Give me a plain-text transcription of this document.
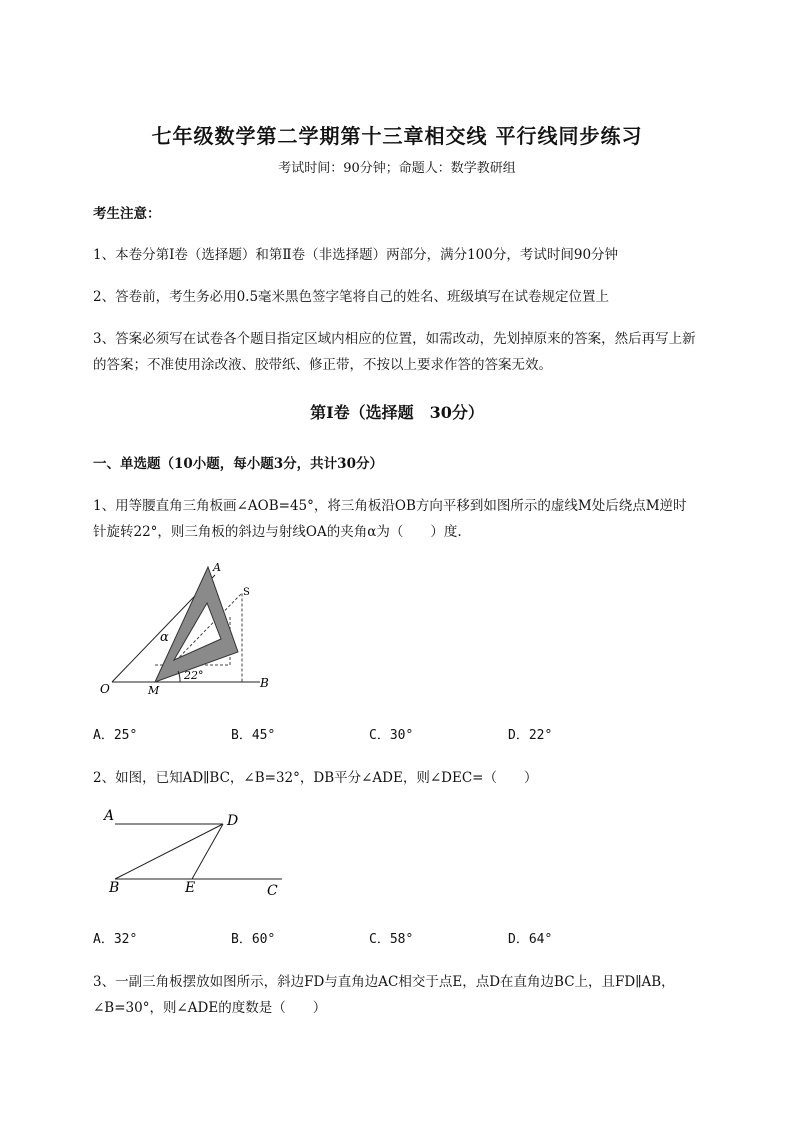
七年级数学第二学期第十三章相交线 平行线同步练习
考试时间：90分钟；命题人：数学教研组
考生注意：
1、本卷分第Ⅰ卷（选择题）和第Ⅱ卷（非选择题）两部分，满分100分，考试时间90分钟
2、答卷前，考生务必用0.5毫米黑色签字笔将自己的姓名、班级填写在试卷规定位置上
3、答案必须写在试卷各个题目指定区域内相应的位置，如需改动，先划掉原来的答案，然后再写上新
的答案；不准使用涂改液、胶带纸、修正带，不按以上要求作答的答案无效。
第Ⅰ卷（选择题　30分）
一、单选题（10小题，每小题3分，共计30分）
1、用等腰直角三角板画∠AOB=45°，将三角板沿OB方向平移到如图所示的虚线M处后绕点M逆时
针旋转22°，则三角板的斜边与射线OA的夹角α为（　　）度.
22°
α
A
S
O	M
B
A．25°	B．45°	C．30°	D．22°
2、如图，已知AD∥BC，∠B=32°，DB平分∠ADE，则∠DEC=（　　）
A	D
B	E	C
A．32°	B．60°	C．58°	D．64°
3、一副三角板摆放如图所示，斜边FD与直角边AC相交于点E，点D在直角边BC上，且FD∥AB，
∠B=30°，则∠ADE的度数是（　　）
